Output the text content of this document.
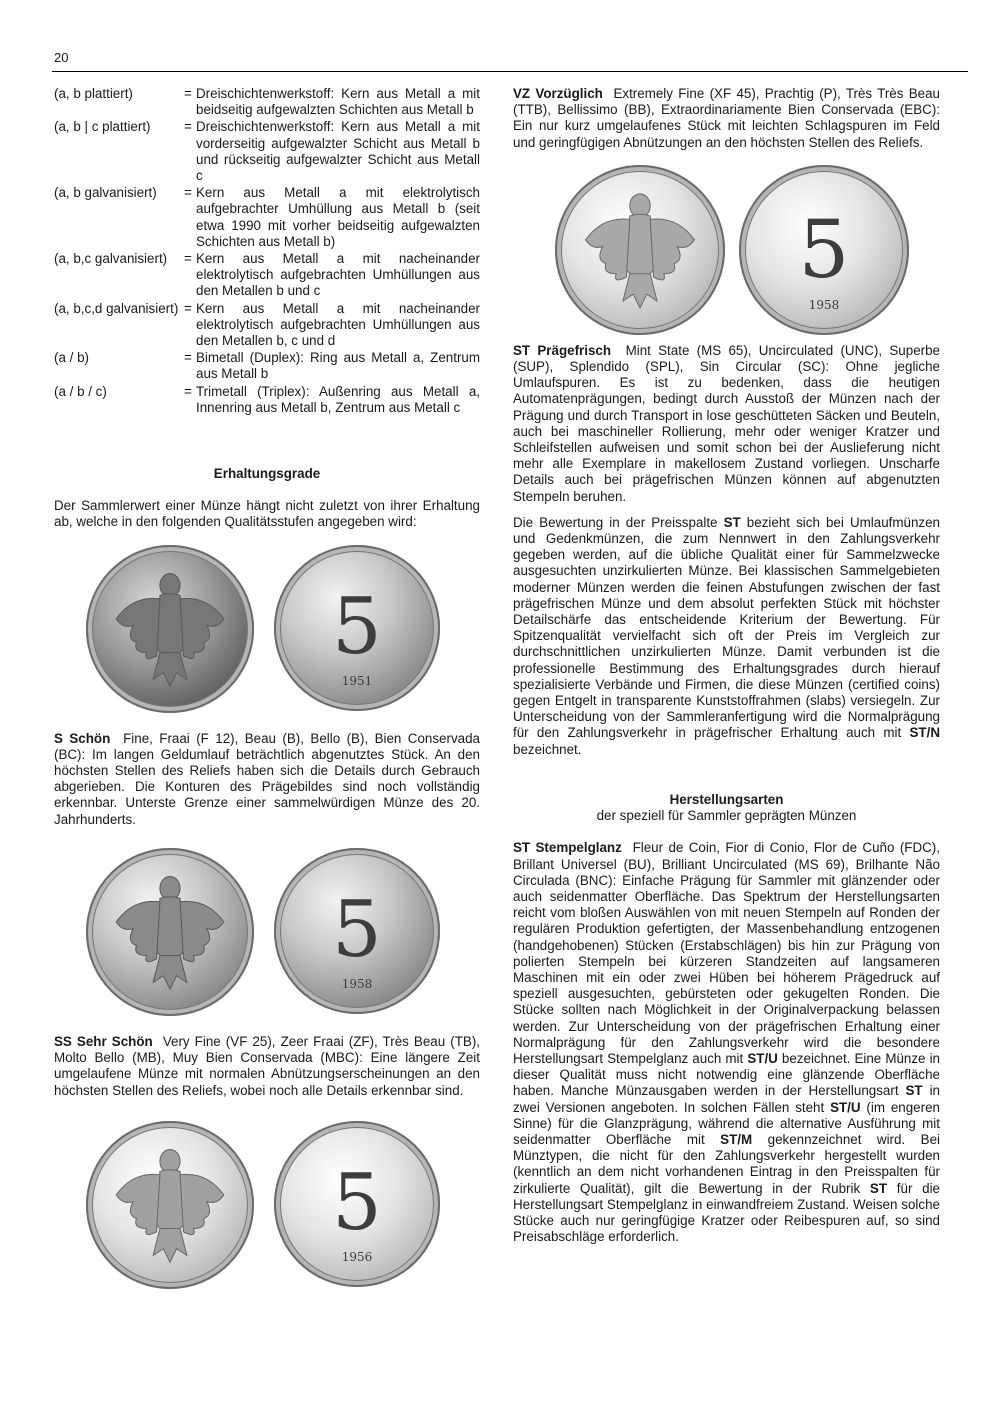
20
(a, b plattiert)	= Dreischichtenwerkstoff: Kern aus Metall a mit beidseitig aufgewalzten Schichten aus Metall b
(a, b | c plattiert)	= Dreischichtenwerkstoff: Kern aus Metall a mit vorderseitig aufgewalzter Schicht aus Metall b und rückseitig aufgewalzter Schicht aus Metall c
(a, b galvanisiert)	= Kern aus Metall a mit elektrolytisch aufgebrachter Umhüllung aus Metall b (seit etwa 1990 mit vorher beidseitig aufgewalzten Schichten aus Metall b)
(a, b,c galvanisiert)	= Kern aus Metall a mit nacheinander elektrolytisch aufgebrachten Umhüllungen aus den Metallen b und c
(a, b,c,d galvanisiert) = Kern aus Metall a mit nacheinander elektrolytisch aufgebrachten Umhüllungen aus den Metallen b, c und d
(a / b)	= Bimetall (Duplex): Ring aus Metall a, Zentrum aus Metall b
(a / b / c)	= Trimetall (Triplex): Außenring aus Metall a, Innenring aus Metall b, Zentrum aus Metall c

Erhaltungsgrade

Der Sammlerwert einer Münze hängt nicht zuletzt von ihrer Erhaltung ab, welche in den folgenden Qualitätsstufen angegeben wird:

5
1951

S Schön Fine, Fraai (F 12), Beau (B), Bello (B), Bien Conservada (BC): Im langen Geldumlauf beträchtlich abgenutztes Stück. An den höchsten Stellen des Reliefs haben sich die Details durch Gebrauch abgerieben. Die Konturen des Prägebildes sind noch vollständig erkennbar. Unterste Grenze einer sammelwürdigen Münze des 20. Jahrhunderts.

5
1958

SS Sehr Schön Very Fine (VF 25), Zeer Fraai (ZF), Très Beau (TB), Molto Bello (MB), Muy Bien Conservada (MBC): Eine längere Zeit umgelaufene Münze mit normalen Abnützungserscheinungen an den höchsten Stellen des Reliefs, wobei noch alle Details erkennbar sind.

5
1956

VZ Vorzüglich Extremely Fine (XF 45), Prachtig (P), Très Très Beau (TTB), Bellissimo (BB), Extraordinariamente Bien Conservada (EBC): Ein nur kurz umgelaufenes Stück mit leichten Schlagspuren im Feld und geringfügigen Abnützungen an den höchsten Stellen des Reliefs.

5
1958

ST Prägefrisch Mint State (MS 65), Uncirculated (UNC), Superbe (SUP), Splendido (SPL), Sin Circular (SC): Ohne jegliche Umlaufspuren. Es ist zu bedenken, dass die heutigen Automatenprägungen, bedingt durch Ausstoß der Münzen nach der Prägung und durch Transport in lose geschütteten Säcken und Beuteln, auch bei maschineller Rollierung, mehr oder weniger Kratzer und Schleifstellen aufweisen und somit schon bei der Auslieferung nicht mehr alle Exemplare in makellosem Zustand vorliegen. Unscharfe Details auch bei prägefrischen Münzen können auf abgenutzten Stempeln beruhen.

Die Bewertung in der Preisspalte ST bezieht sich bei Umlaufmünzen und Gedenkmünzen, die zum Nennwert in den Zahlungsverkehr gegeben werden, auf die übliche Qualität einer für Sammelzwecke ausgesuchten unzirkulierten Münze. Bei klassischen Sammelgebieten moderner Münzen werden die feinen Abstufungen zwischen der fast prägefrischen Münze und dem absolut perfekten Stück mit höchster Detailschärfe das entscheidende Kriterium der Bewertung. Für Spitzenqualität vervielfacht sich oft der Preis im Vergleich zur durchschnittlichen unzirkulierten Münze. Damit verbunden ist die professionelle Bestimmung des Erhaltungsgrades durch hierauf spezialisierte Verbände und Firmen, die diese Münzen (certified coins) gegen Entgelt in transparente Kunststoffrahmen (slabs) versiegeln. Zur Unterscheidung von der Sammleranfertigung wird die Normalprägung für den Zahlungsverkehr in prägefrischer Erhaltung auch mit ST/N bezeichnet.

Herstellungsarten

der speziell für Sammler geprägten Münzen

ST Stempelglanz Fleur de Coin, Fior di Conio, Flor de Cuño (FDC), Brillant Universel (BU), Brilliant Uncirculated (MS 69), Brilhante Não Circulada (BNC): Einfache Prägung für Sammler mit glänzender oder auch seidenmatter Oberfläche. Das Spektrum der Herstellungsarten reicht vom bloßen Auswählen von mit neuen Stempeln auf Ronden der regulären Produktion gefertigten, der Massenbehandlung entzogenen (handgehobenen) Stücken (Erstabschlägen) bis hin zur Prägung von polierten Stempeln bei kürzeren Standzeiten auf langsameren Maschinen mit ein oder zwei Hüben bei höherem Prägedruck auf speziell ausgesuchten, gebürsteten oder gekugelten Ronden. Die Stücke sollten nach Möglichkeit in der Originalverpackung belassen werden. Zur Unterscheidung von der prägefrischen Erhaltung einer Normalprägung für den Zahlungsverkehr wird die besondere Herstellungsart Stempelglanz auch mit ST/U bezeichnet. Eine Münze in dieser Qualität muss nicht notwendig eine glänzende Oberfläche haben. Manche Münzausgaben werden in der Herstellungsart ST in zwei Versionen angeboten. In solchen Fällen steht ST/U (im engeren Sinne) für die Glanzprägung, während die alternative Ausführung mit seidenmatter Oberfläche mit ST/M gekennzeichnet wird. Bei Münztypen, die nicht für den Zahlungsverkehr hergestellt wurden (kenntlich an dem nicht vorhandenen Eintrag in den Preisspalten für zirkulierte Qualität), gilt die Bewertung in der Rubrik ST für die Herstellungsart Stempelglanz in einwandfreiem Zustand. Weisen solche Stücke auch nur geringfügige Kratzer oder Reibespuren auf, so sind Preisabschläge erforderlich.
